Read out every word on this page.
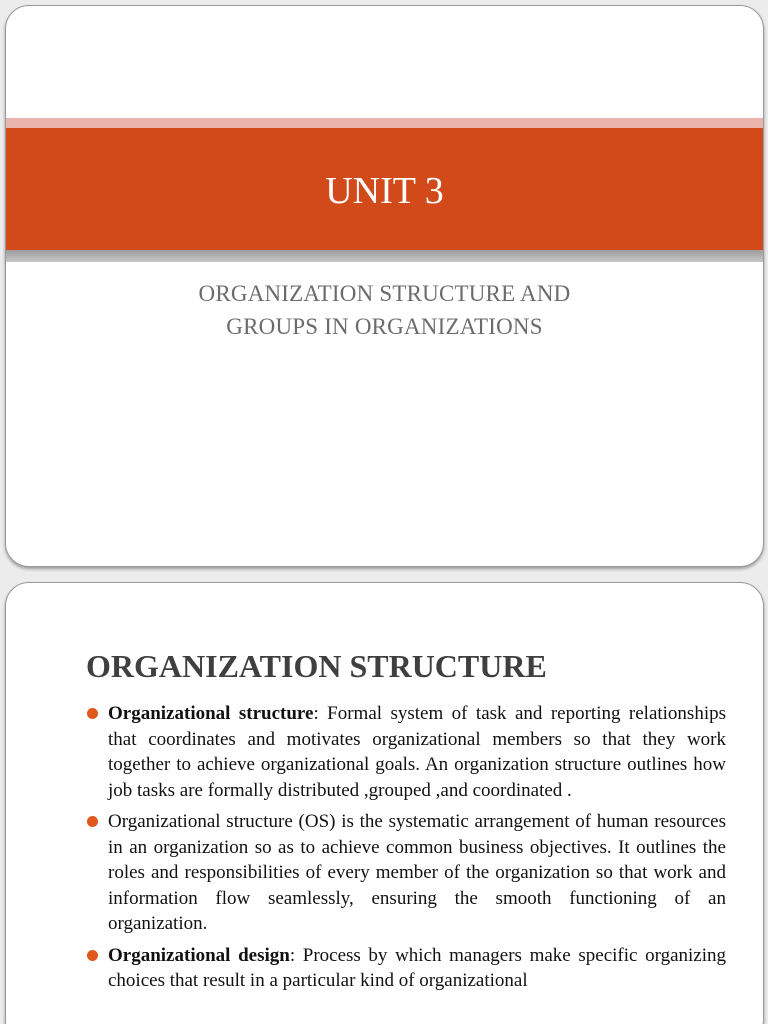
UNIT 3
ORGANIZATION STRUCTURE AND
GROUPS IN ORGANIZATIONS
ORGANIZATION STRUCTURE
Organizational structure: Formal system of task and reporting relationships that coordinates and motivates organizational members so that they work together to achieve organizational goals. An organization structure outlines how job tasks are formally distributed ,grouped ,and coordinated .
Organizational structure (OS) is the systematic arrangement of human resources in an organization so as to achieve common business objectives. It outlines the roles and responsibilities of every member of the organization so that work and information flow seamlessly, ensuring the smooth functioning of an organization.
Organizational design: Process by which managers make specific organizing choices that result in a particular kind of organizational
